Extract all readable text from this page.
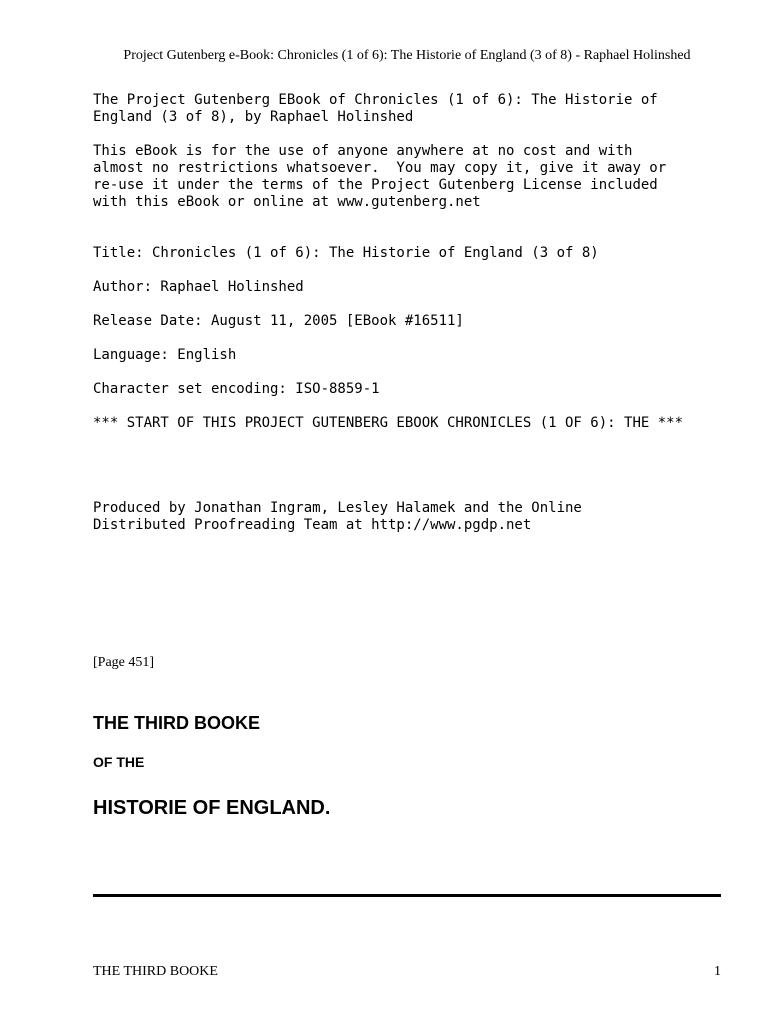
Project Gutenberg e-Book: Chronicles (1 of 6): The Historie of England (3 of 8) - Raphael Holinshed
The Project Gutenberg EBook of Chronicles (1 of 6): The Historie of
England (3 of 8), by Raphael Holinshed
This eBook is for the use of anyone anywhere at no cost and with
almost no restrictions whatsoever.  You may copy it, give it away or
re-use it under the terms of the Project Gutenberg License included
with this eBook or online at www.gutenberg.net
Title: Chronicles (1 of 6): The Historie of England (3 of 8)
Author: Raphael Holinshed
Release Date: August 11, 2005 [EBook #16511]
Language: English
Character set encoding: ISO-8859-1
*** START OF THIS PROJECT GUTENBERG EBOOK CHRONICLES (1 OF 6): THE ***
Produced by Jonathan Ingram, Lesley Halamek and the Online
Distributed Proofreading Team at http://www.pgdp.net
[Page 451]
THE THIRD BOOKE
OF THE
HISTORIE OF ENGLAND.
THE THIRD BOOKE	1
